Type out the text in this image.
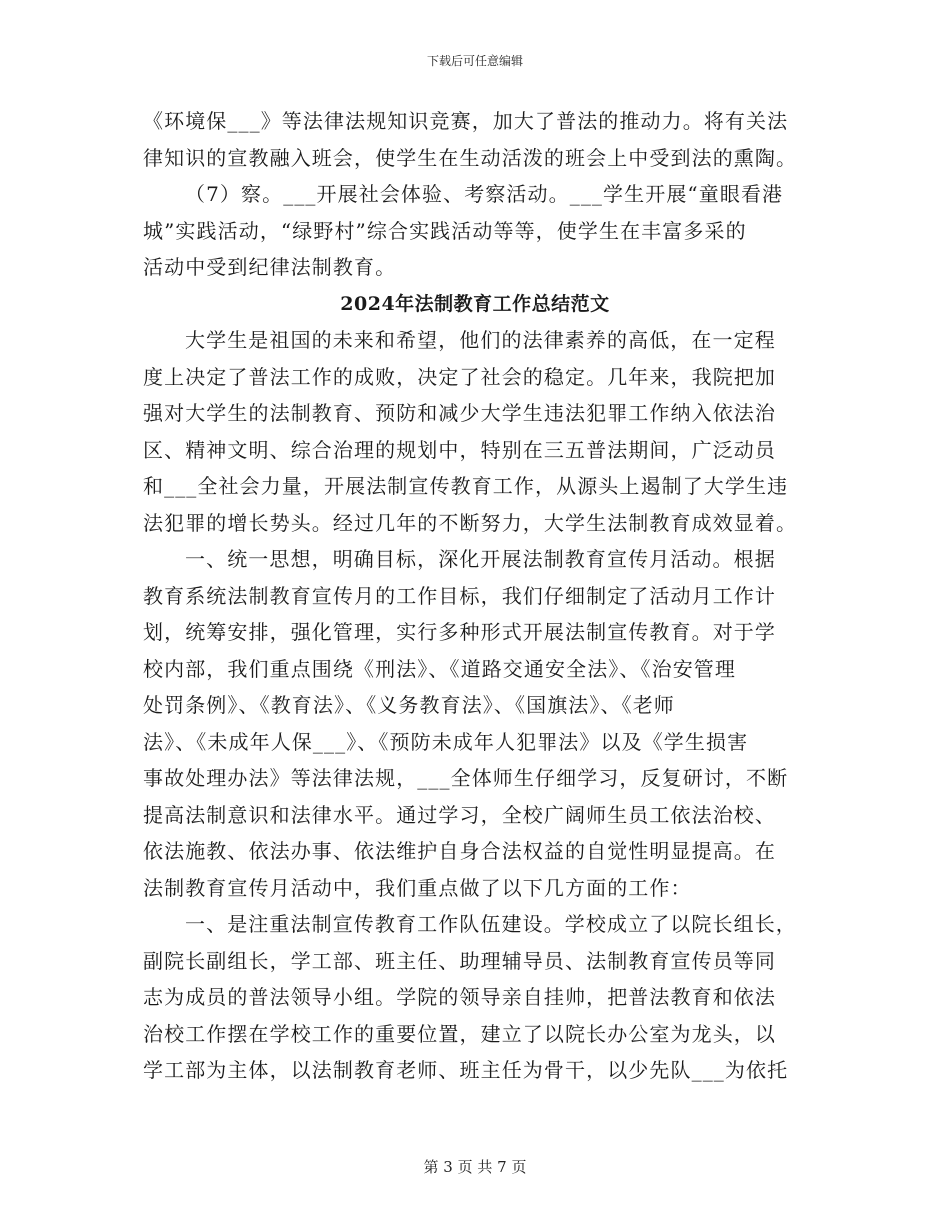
下载后可任意编辑
《环境保___》等法律法规知识竞赛，加大了普法的推动力。将有关法
律知识的宣教融入班会，使学生在生动活泼的班会上中受到法的熏陶。
（7）察。___开展社会体验、考察活动。___学生开展“童眼看港
城”实践活动，“绿野村”综合实践活动等等，使学生在丰富多采的
活动中受到纪律法制教育。
2024年法制教育工作总结范文
大学生是祖国的未来和希望，他们的法律素养的高低，在一定程
度上决定了普法工作的成败，决定了社会的稳定。几年来，我院把加
强对大学生的法制教育、预防和减少大学生违法犯罪工作纳入依法治
区、精神文明、综合治理的规划中，特别在三五普法期间，广泛动员
和___全社会力量，开展法制宣传教育工作，从源头上遏制了大学生违
法犯罪的增长势头。经过几年的不断努力，大学生法制教育成效显着。
一、统一思想，明确目标，深化开展法制教育宣传月活动。根据
教育系统法制教育宣传月的工作目标，我们仔细制定了活动月工作计
划，统筹安排，强化管理，实行多种形式开展法制宣传教育。对于学
校内部，我们重点围绕《刑法》、《道路交通安全法》、《治安管理
处罚条例》、《教育法》、《义务教育法》、《国旗法》、《老师
法》、《未成年人保___》、《预防未成年人犯罪法》以及《学生损害
事故处理办法》等法律法规，___全体师生仔细学习，反复研讨，不断
提高法制意识和法律水平。通过学习，全校广阔师生员工依法治校、
依法施教、依法办事、依法维护自身合法权益的自觉性明显提高。在
法制教育宣传月活动中，我们重点做了以下几方面的工作：
一、是注重法制宣传教育工作队伍建设。学校成立了以院长组长，
副院长副组长，学工部、班主任、助理辅导员、法制教育宣传员等同
志为成员的普法领导小组。学院的领导亲自挂帅，把普法教育和依法
治校工作摆在学校工作的重要位置，建立了以院长办公室为龙头，以
学工部为主体，以法制教育老师、班主任为骨干，以少先队___为依托
第 3 页 共 7 页
